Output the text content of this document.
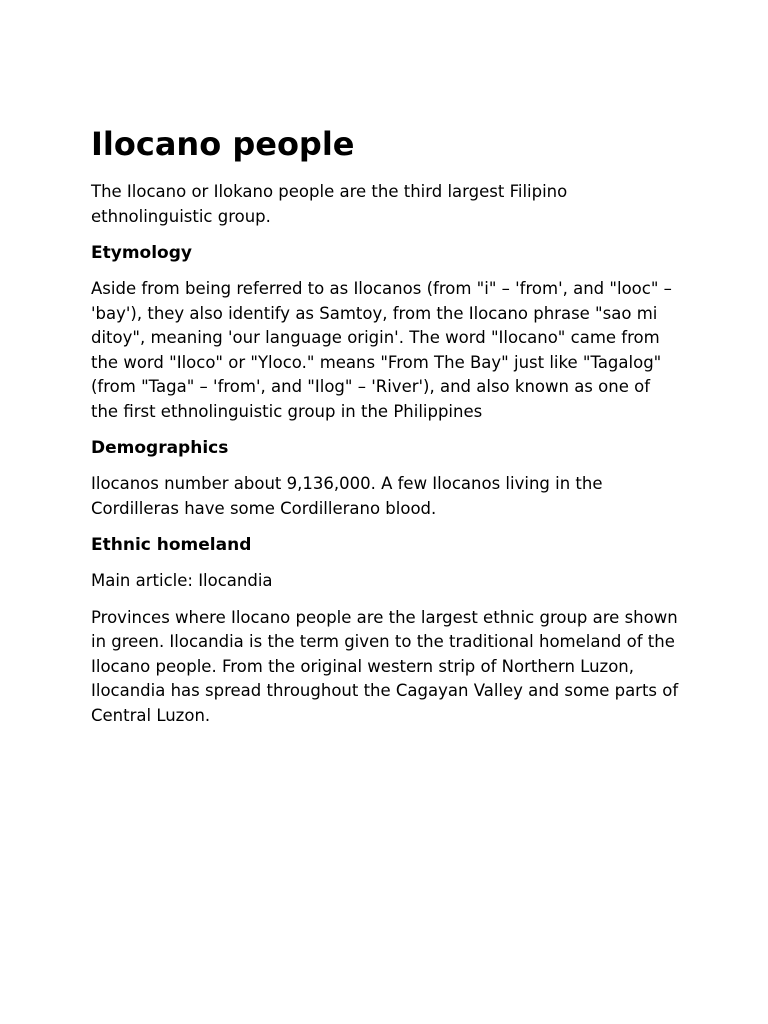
Ilocano people

The Ilocano or Ilokano people are the third largest Filipino ethnolinguistic group.

Etymology

Aside from being referred to as Ilocanos (from "i" – 'from', and "looc" – 'bay'), they also identify as Samtoy, from the Ilocano phrase "sao mi ditoy", meaning 'our language origin'. The word "Ilocano" came from the word "Iloco" or "Yloco." means "From The Bay" just like "Tagalog" (from "Taga" – 'from', and "Ilog" – 'River'), and also known as one of the first ethnolinguistic group in the Philippines

Demographics

Ilocanos number about 9,136,000. A few Ilocanos living in the Cordilleras have some Cordillerano blood.

Ethnic homeland

Main article: Ilocandia

Provinces where Ilocano people are the largest ethnic group are shown in green. Ilocandia is the term given to the traditional homeland of the Ilocano people. From the original western strip of Northern Luzon, Ilocandia has spread throughout the Cagayan Valley and some parts of Central Luzon.
